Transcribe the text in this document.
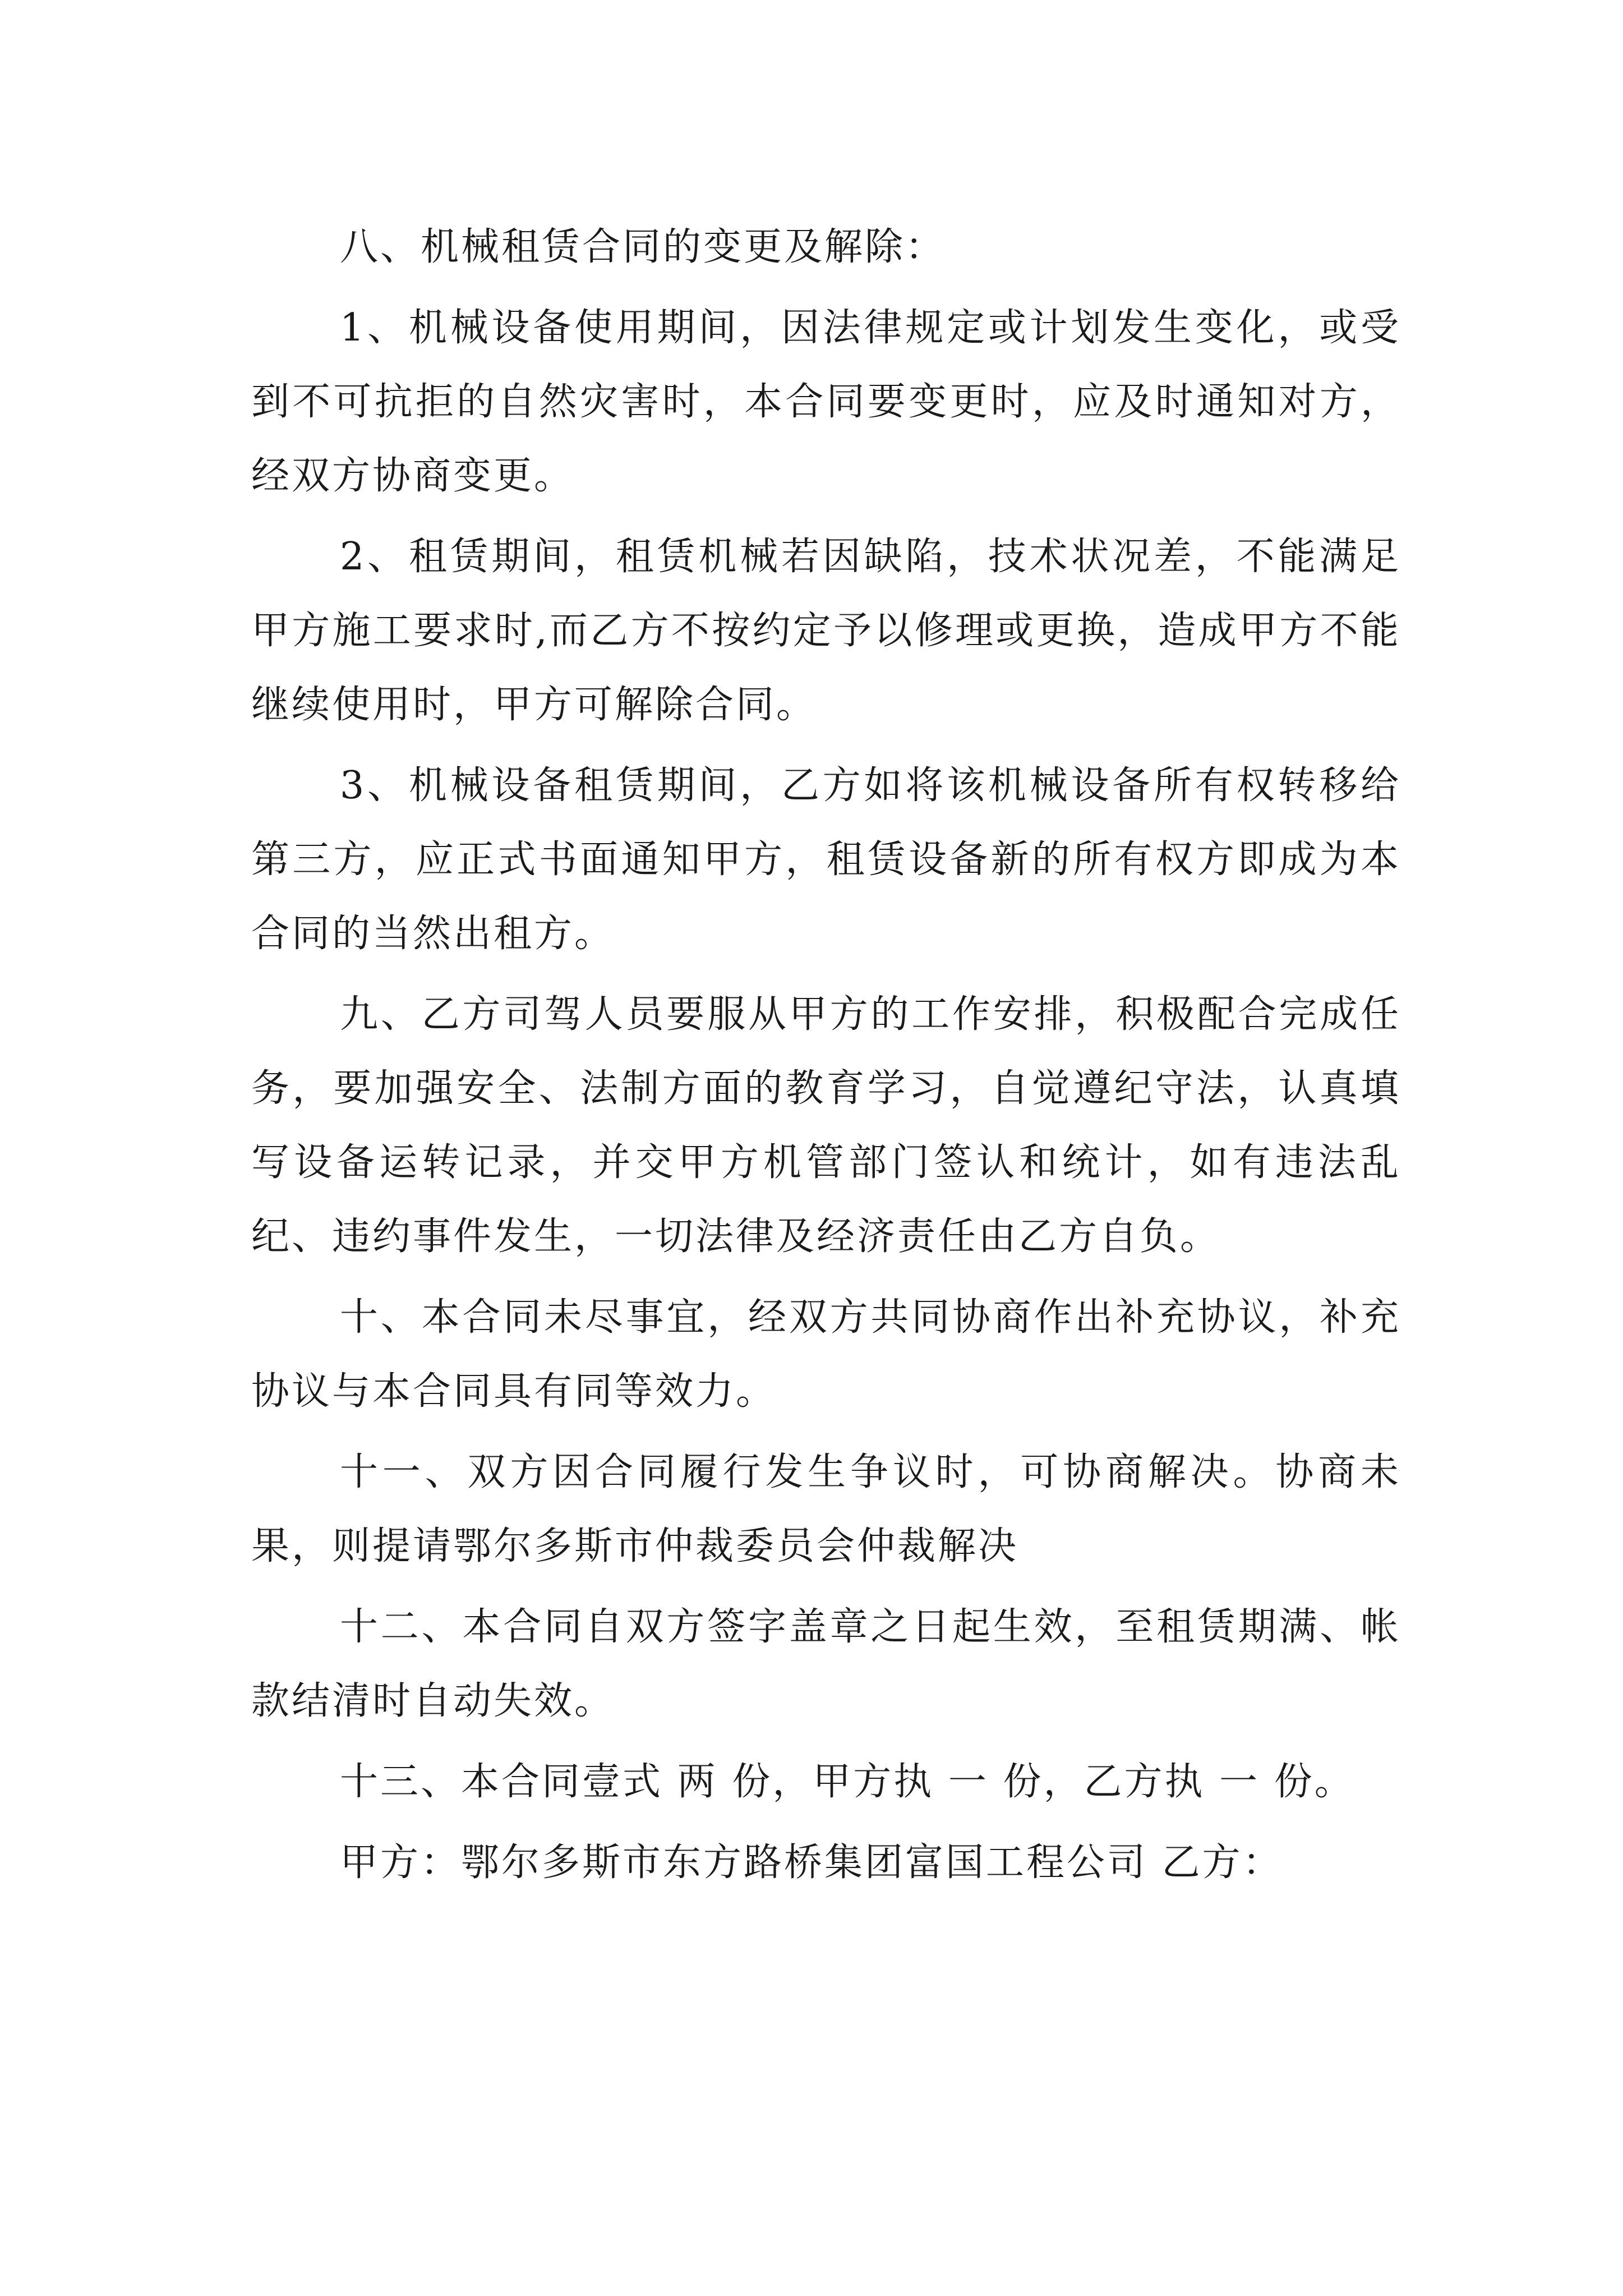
八、机械租赁合同的变更及解除：

1、机械设备使用期间，因法律规定或计划发生变化，或受到不可抗拒的自然灾害时，本合同要变更时，应及时通知对方，经双方协商变更。

2、租赁期间，租赁机械若因缺陷，技术状况差，不能满足甲方施工要求时,而乙方不按约定予以修理或更换，造成甲方不能继续使用时，甲方可解除合同。

3、机械设备租赁期间，乙方如将该机械设备所有权转移给第三方，应正式书面通知甲方，租赁设备新的所有权方即成为本合同的当然出租方。

九、乙方司驾人员要服从甲方的工作安排，积极配合完成任务，要加强安全、法制方面的教育学习，自觉遵纪守法，认真填写设备运转记录，并交甲方机管部门签认和统计，如有违法乱纪、违约事件发生，一切法律及经济责任由乙方自负。

十、本合同未尽事宜，经双方共同协商作出补充协议，补充协议与本合同具有同等效力。

十一、双方因合同履行发生争议时，可协商解决。协商未果，则提请鄂尔多斯市仲裁委员会仲裁解决

十二、本合同自双方签字盖章之日起生效，至租赁期满、帐款结清时自动失效。

十三、本合同壹式 两 份，甲方执 一 份，乙方执 一 份。

甲方：鄂尔多斯市东方路桥集团富国工程公司 乙方：
